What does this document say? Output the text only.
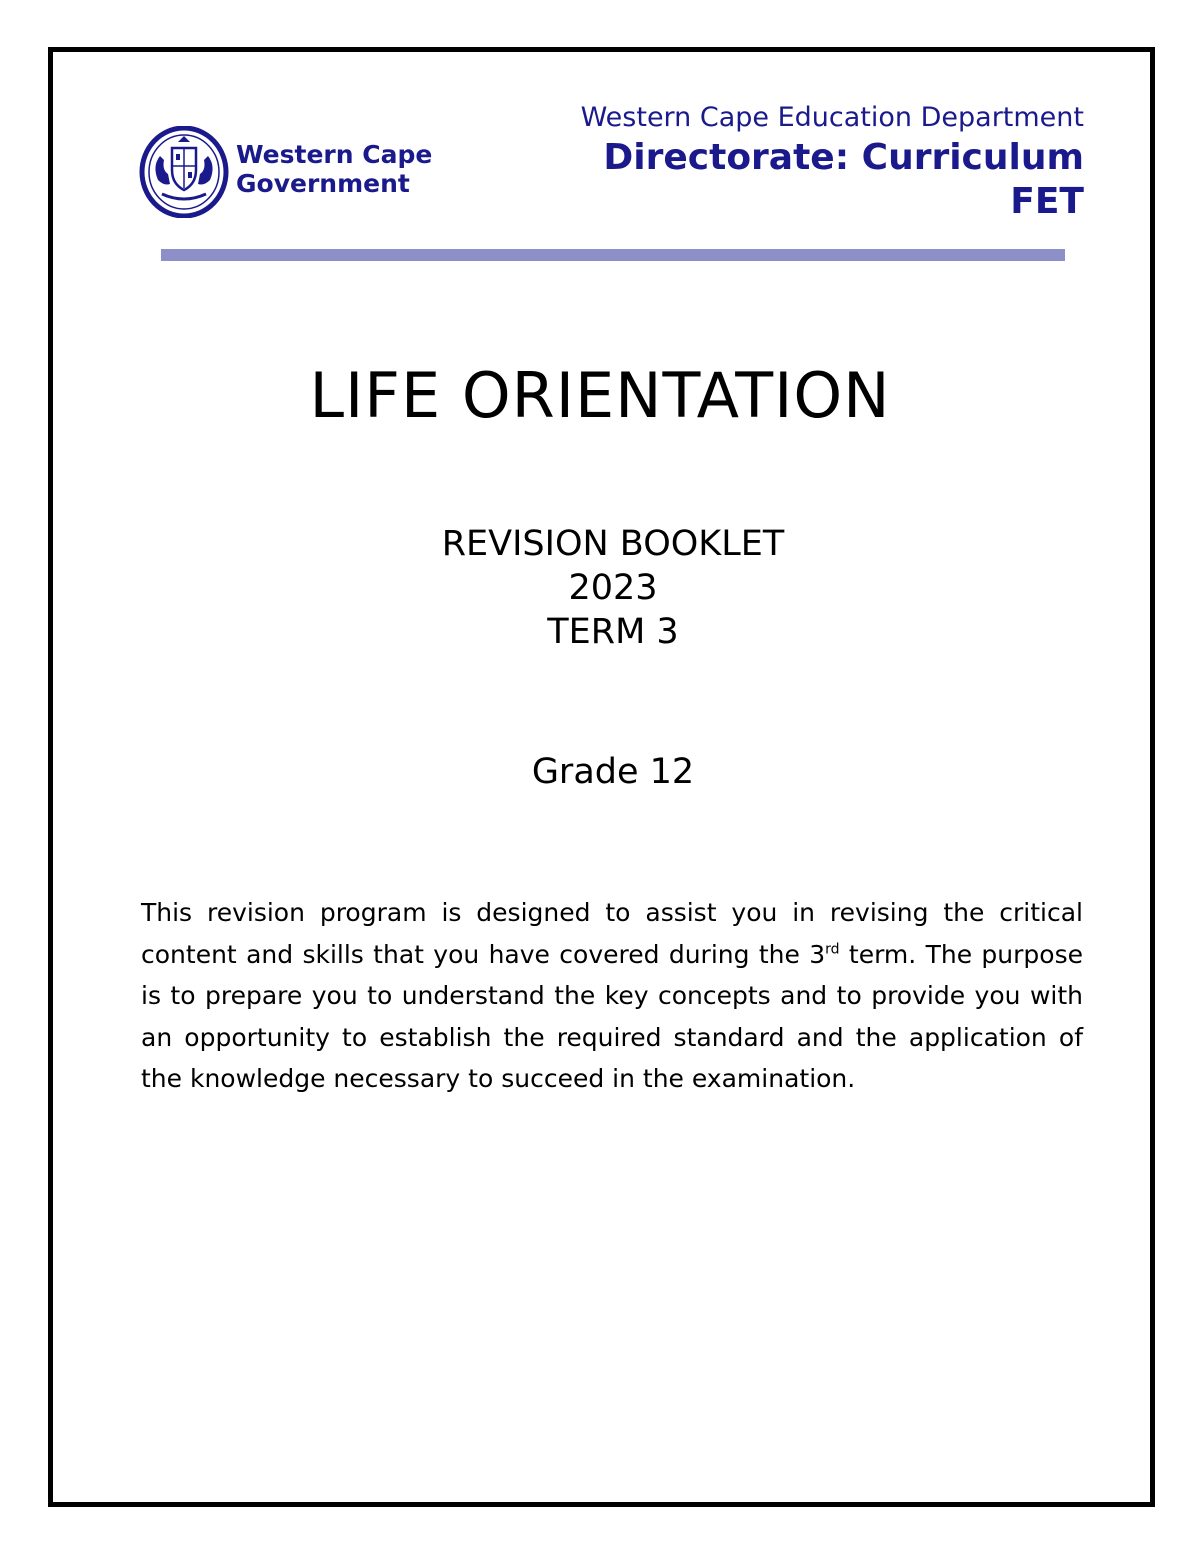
Western Cape
Government
Western Cape Education Department
Directorate: Curriculum
FET
LIFE ORIENTATION
REVISION BOOKLET
2023
TERM 3
Grade 12

This revision program is designed to assist you in revising the critical content and skills that you have covered during the 3rd term. The purpose is to prepare you to understand the key concepts and to provide you with an opportunity to establish the required standard and the application of the knowledge necessary to succeed in the examination.
